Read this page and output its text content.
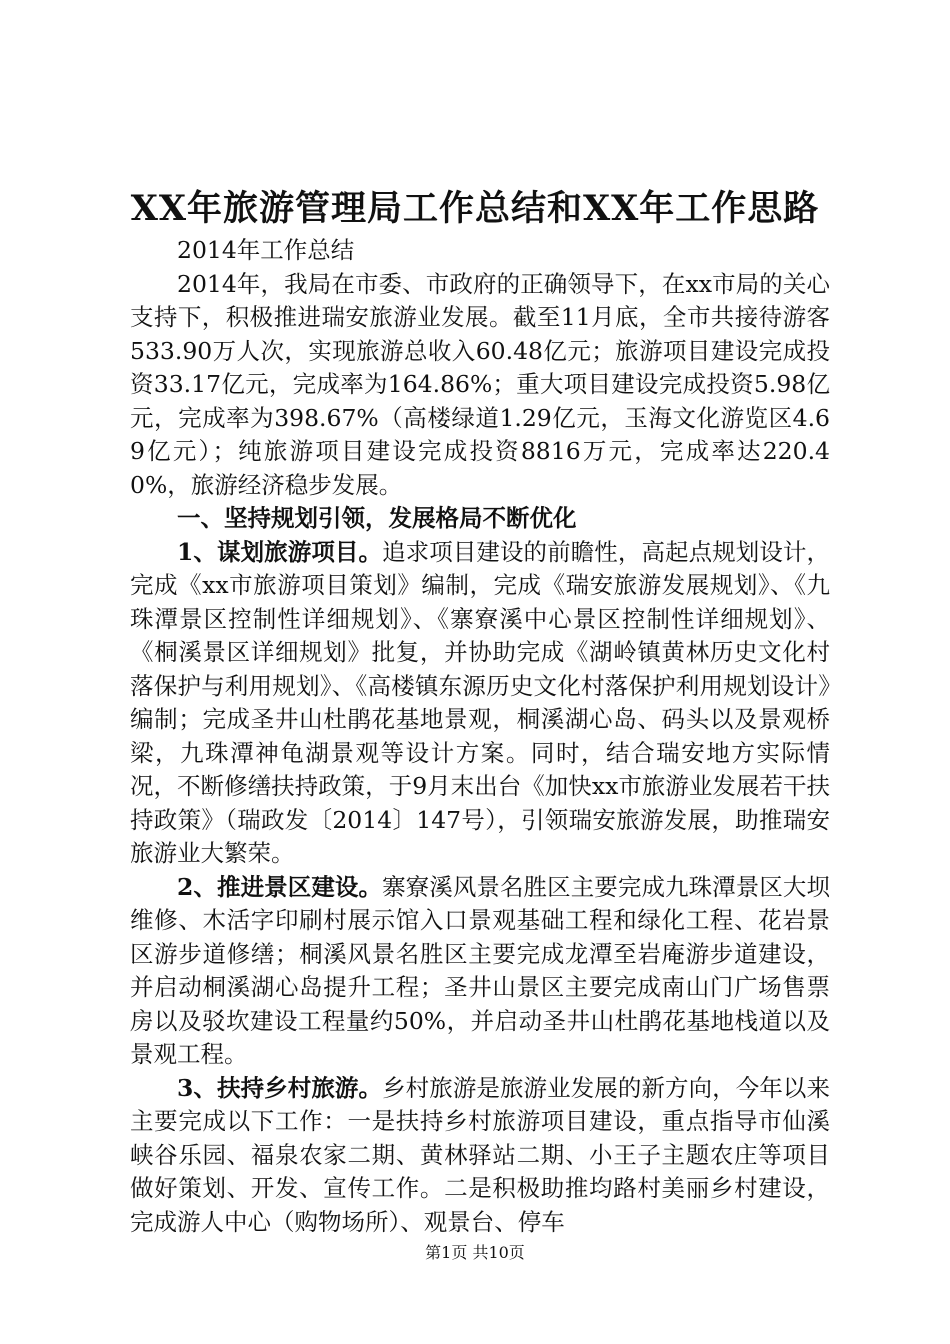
XX年旅游管理局工作总结和XX年工作思路

2014年工作总结

2014年，我局在市委、市政府的正确领导下，在xx市局的关心支持下，积极推进瑞安旅游业发展。截至11月底，全市共接待游客533.90万人次，实现旅游总收入60.48亿元；旅游项目建设完成投资33.17亿元，完成率为164.86%；重大项目建设完成投资5.98亿元，完成率为398.67%（高楼绿道1.29亿元，玉海文化游览区4.69亿元）；纯旅游项目建设完成投资8816万元，完成率达220.40%，旅游经济稳步发展。

一、坚持规划引领，发展格局不断优化

1、谋划旅游项目。追求项目建设的前瞻性，高起点规划设计，完成《xx市旅游项目策划》编制，完成《瑞安旅游发展规划》、《九珠潭景区控制性详细规划》、《寨寮溪中心景区控制性详细规划》、《桐溪景区详细规划》批复，并协助完成《湖岭镇黄林历史文化村落保护与利用规划》、《高楼镇东源历史文化村落保护利用规划设计》编制；完成圣井山杜鹃花基地景观，桐溪湖心岛、码头以及景观桥梁，九珠潭神龟湖景观等设计方案。同时，结合瑞安地方实际情况，不断修缮扶持政策，于9月末出台《加快xx市旅游业发展若干扶持政策》（瑞政发〔2014〕147号），引领瑞安旅游发展，助推瑞安旅游业大繁荣。

2、推进景区建设。寨寮溪风景名胜区主要完成九珠潭景区大坝维修、木活字印刷村展示馆入口景观基础工程和绿化工程、花岩景区游步道修缮；桐溪风景名胜区主要完成龙潭至岩庵游步道建设，并启动桐溪湖心岛提升工程；圣井山景区主要完成南山门广场售票房以及驳坎建设工程量约50%，并启动圣井山杜鹃花基地栈道以及景观工程。

3、扶持乡村旅游。乡村旅游是旅游业发展的新方向，今年以来主要完成以下工作：一是扶持乡村旅游项目建设，重点指导市仙溪峡谷乐园、福泉农家二期、黄林驿站二期、小王子主题农庄等项目做好策划、开发、宣传工作。二是积极助推均路村美丽乡村建设，完成游人中心（购物场所）、观景台、停车

第1页 共10页
